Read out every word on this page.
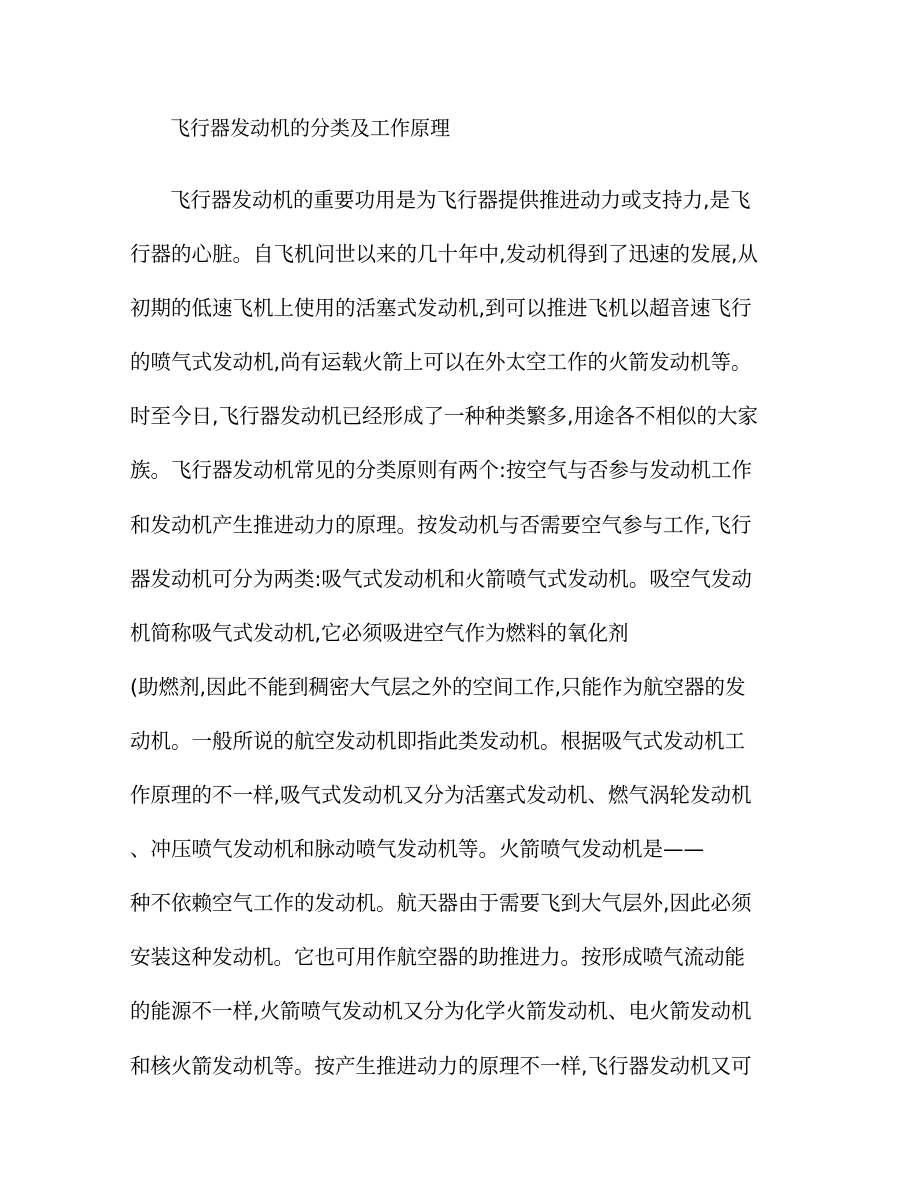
飞行器发动机的分类及工作原理
飞行器发动机的重要功用是为飞行器提供推进动力或支持力,是飞
行器的心脏。自飞机问世以来的几十年中,发动机得到了迅速的发展,从
初期的低速飞机上使用的活塞式发动机,到可以推进飞机以超音速飞行
的喷气式发动机,尚有运载火箭上可以在外太空工作的火箭发动机等。
时至今日,飞行器发动机已经形成了一种种类繁多,用途各不相似的大家
族。飞行器发动机常见的分类原则有两个:按空气与否参与发动机工作
和发动机产生推进动力的原理。按发动机与否需要空气参与工作,飞行
器发动机可分为两类:吸气式发动机和火箭喷气式发动机。吸空气发动
机简称吸气式发动机,它必须吸进空气作为燃料的氧化剂
(助燃剂,因此不能到稠密大气层之外的空间工作,只能作为航空器的发
动机。一般所说的航空发动机即指此类发动机。根据吸气式发动机工
作原理的不一样,吸气式发动机又分为活塞式发动机、燃气涡轮发动机
、冲压喷气发动机和脉动喷气发动机等。火箭喷气发动机是——
种不依赖空气工作的发动机。航天器由于需要飞到大气层外,因此必须
安装这种发动机。它也可用作航空器的助推进力。按形成喷气流动能
的能源不一样,火箭喷气发动机又分为化学火箭发动机、电火箭发动机
和核火箭发动机等。按产生推进动力的原理不一样,飞行器发动机又可
